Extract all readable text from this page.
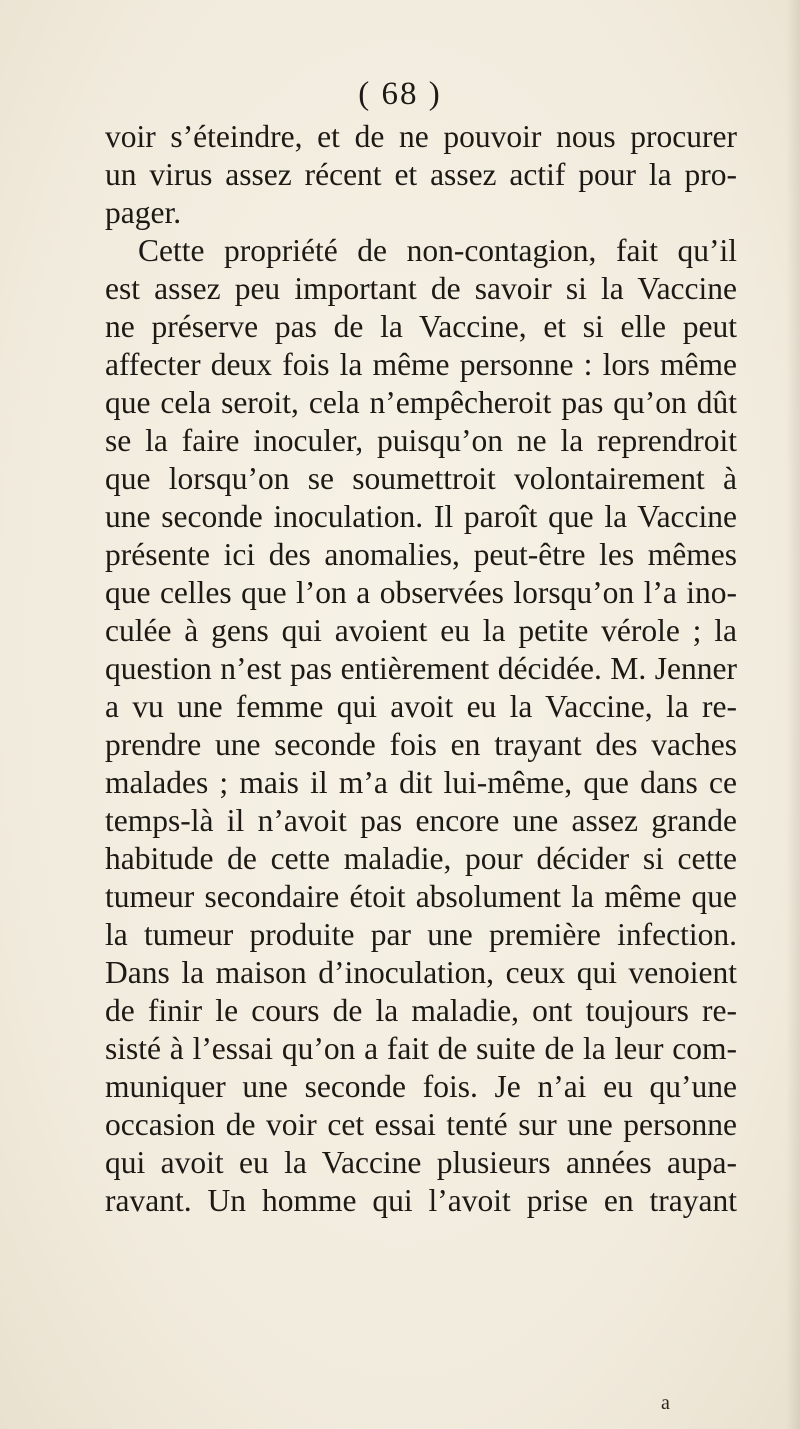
( 68 )

voir s’éteindre, et de ne pouvoir nous procurer
un virus assez récent et assez actif pour la pro-
pager.
Cette propriété de non-contagion, fait qu’il
est assez peu important de savoir si la Vaccine
ne préserve pas de la Vaccine, et si elle peut
affecter deux fois la même personne : lors même
que cela seroit, cela n’empêcheroit pas qu’on dût
se la faire inoculer, puisqu’on ne la reprendroit
que lorsqu’on se soumettroit volontairement à
une seconde inoculation. Il paroît que la Vaccine
présente ici des anomalies, peut-être les mêmes
que celles que l’on a observées lorsqu’on l’a ino-
culée à gens qui avoient eu la petite vérole ; la
question n’est pas entièrement décidée. M. Jenner
a vu une femme qui avoit eu la Vaccine, la re-
prendre une seconde fois en trayant des vaches
malades ; mais il m’a dit lui-même, que dans ce
temps-là il n’avoit pas encore une assez grande
habitude de cette maladie, pour décider si cette
tumeur secondaire étoit absolument la même que
la tumeur produite par une première infection.
Dans la maison d’inoculation, ceux qui venoient
de finir le cours de la maladie, ont toujours re-
sisté à l’essai qu’on a fait de suite de la leur com-
muniquer une seconde fois. Je n’ai eu qu’une
occasion de voir cet essai tenté sur une personne
qui avoit eu la Vaccine plusieurs années aupa-
ravant. Un homme qui l’avoit prise en trayant

a
